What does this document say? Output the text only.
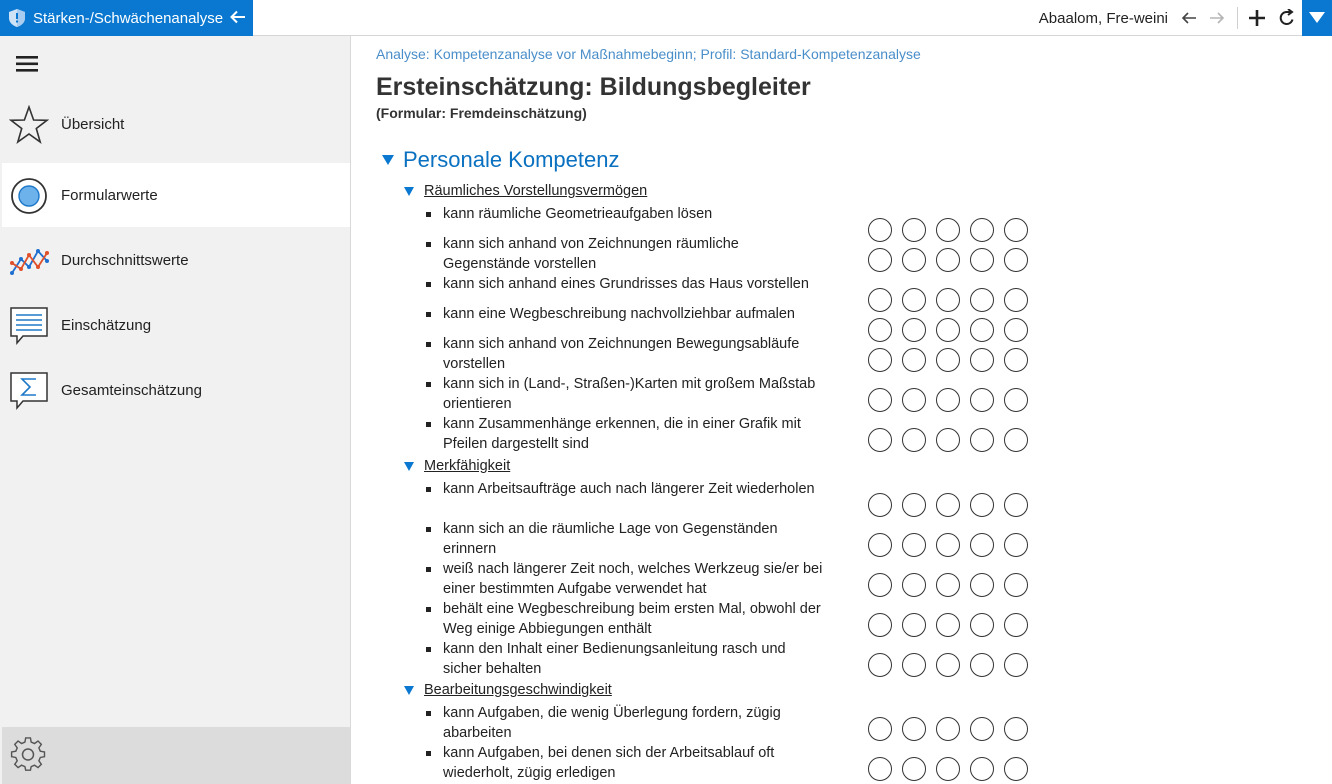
Stärken-/Schwächenanalyse	Abaalom, Fre-weini
Übersicht
Formularwerte
Durchschnittswerte
Einschätzung
Gesamteinschätzung
Analyse: Kompetenzanalyse vor Maßnahmebeginn; Profil: Standard-Kompetenzanalyse
Ersteinschätzung: Bildungsbegleiter
(Formular: Fremdeinschätzung)
Personale Kompetenz
Räumliches Vorstellungsvermögen
kann räumliche Geometrieaufgaben lösen
kann sich anhand von Zeichnungen räumliche Gegenstände vorstellen
kann sich anhand eines Grundrisses das Haus vorstellen
kann eine Wegbeschreibung nachvollziehbar aufmalen
kann sich anhand von Zeichnungen Bewegungsabläufe vorstellen
kann sich in (Land-, Straßen-)Karten mit großem Maßstab orientieren
kann Zusammenhänge erkennen, die in einer Grafik mit Pfeilen dargestellt sind
Merkfähigkeit
kann Arbeitsaufträge auch nach längerer Zeit wiederholen
kann sich an die räumliche Lage von Gegenständen erinnern
weiß nach längerer Zeit noch, welches Werkzeug sie/er bei einer bestimmten Aufgabe verwendet hat
behält eine Wegbeschreibung beim ersten Mal, obwohl der Weg einige Abbiegungen enthält
kann den Inhalt einer Bedienungsanleitung rasch und sicher behalten
Bearbeitungsgeschwindigkeit
kann Aufgaben, die wenig Überlegung fordern, zügig abarbeiten
kann Aufgaben, bei denen sich der Arbeitsablauf oft wiederholt, zügig erledigen
